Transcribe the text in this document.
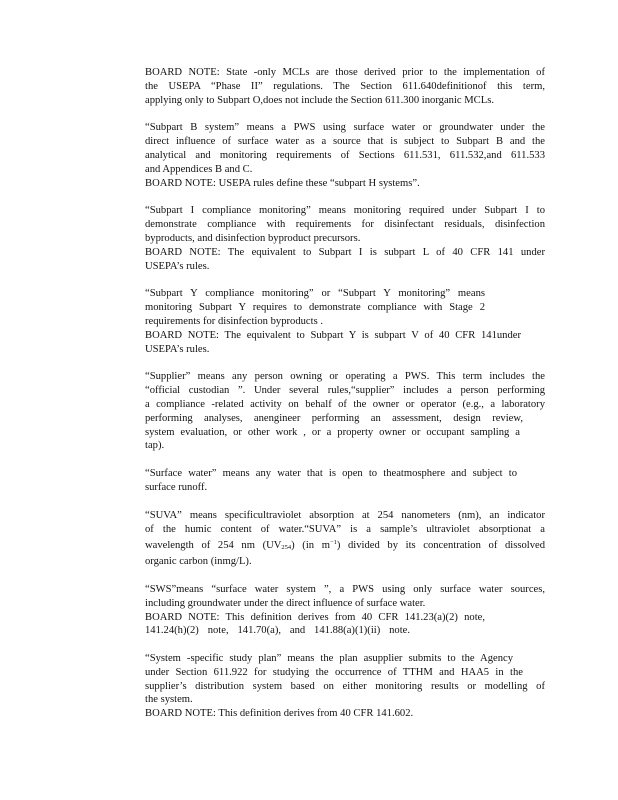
BOARD NOTE: State -only MCLs are those derived prior to the implementation of
the USEPA “Phase II” regulations. The Section 611.640definitionof this term,
applying only to Subpart O,does not include the Section 611.300 inorganic MCLs.
“Subpart B system” means a PWS using surface water or groundwater under the
direct influence of surface water as a source that is subject to Subpart B and the
analytical and monitoring requirements of Sections 611.531, 611.532,and 611.533
and Appendices B and C.
BOARD NOTE: USEPA rules define these “subpart H systems”.
“Subpart I compliance monitoring” means monitoring required under Subpart I to
demonstrate compliance with requirements for disinfectant residuals, disinfection
byproducts, and disinfection byproduct precursors.
BOARD NOTE: The equivalent to Subpart I is subpart L of 40 CFR 141 under
USEPA’s rules.
“Subpart Y compliance monitoring” or “Subpart Y monitoring” means
monitoring Subpart Y requires to demonstrate compliance with Stage 2
requirements for disinfection byproducts .
BOARD NOTE: The equivalent to Subpart Y is subpart V of 40 CFR 141under
USEPA’s rules.
“Supplier” means any person owning or operating a PWS. This term includes the
“official custodian ”. Under several rules,“supplier” includes a person performing
a compliance -related activity on behalf of the owner or operator (e.g., a laboratory
performing analyses, anengineer performing an assessment, design review,
system evaluation, or other work , or a property owner or occupant sampling a
tap).
“Surface water” means any water that is open to theatmosphere and subject to
surface runoff.
“SUVA” means specificultraviolet absorption at 254 nanometers (nm), an indicator
of the humic content of water.“SUVA” is a sample’s ultraviolet absorptionat a
wavelength of 254 nm $(UV_{254})$ (in $m^{-1}$) divided by its concentration of dissolved
organic carbon (inmg/L).
“SWS”means “surface water system ”, a PWS using only surface water sources,
including groundwater under the direct influence of surface water.
BOARD NOTE: This definition derives from 40 CFR 141.23(a)(2) note,
141.24(h)(2) note, 141.70(a), and 141.88(a)(1)(ii) note.
“System -specific study plan” means the plan asupplier submits to the Agency
under Section 611.922 for studying the occurrence of TTHM and HAA5 in the
supplier’s distribution system based on either monitoring results or modelling of
the system.
BOARD NOTE: This definition derives from 40 CFR 141.602.
